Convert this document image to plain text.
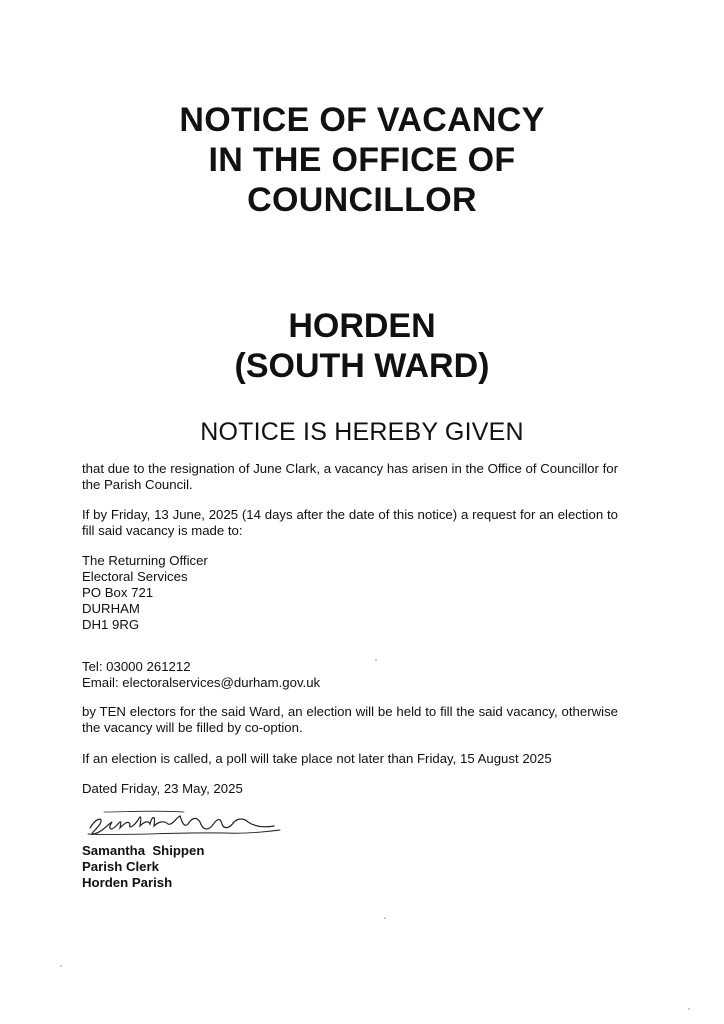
NOTICE OF VACANCY
IN THE OFFICE OF
COUNCILLOR
HORDEN
(SOUTH WARD)
NOTICE IS HEREBY GIVEN
that due to the resignation of June Clark, a vacancy has arisen in the Office of Councillor for the Parish Council.
If by Friday, 13 June, 2025 (14 days after the date of this notice) a request for an election to fill said vacancy is made to:
The Returning Officer
Electoral Services
PO Box 721
DURHAM
DH1 9RG
Tel: 03000 261212
Email: electoralservices@durham.gov.uk
by TEN electors for the said Ward, an election will be held to fill the said vacancy, otherwise the vacancy will be filled by co-option.
If an election is called, a poll will take place not later than Friday, 15 August 2025
Dated Friday, 23 May, 2025
Samantha  Shippen
Parish Clerk
Horden Parish
